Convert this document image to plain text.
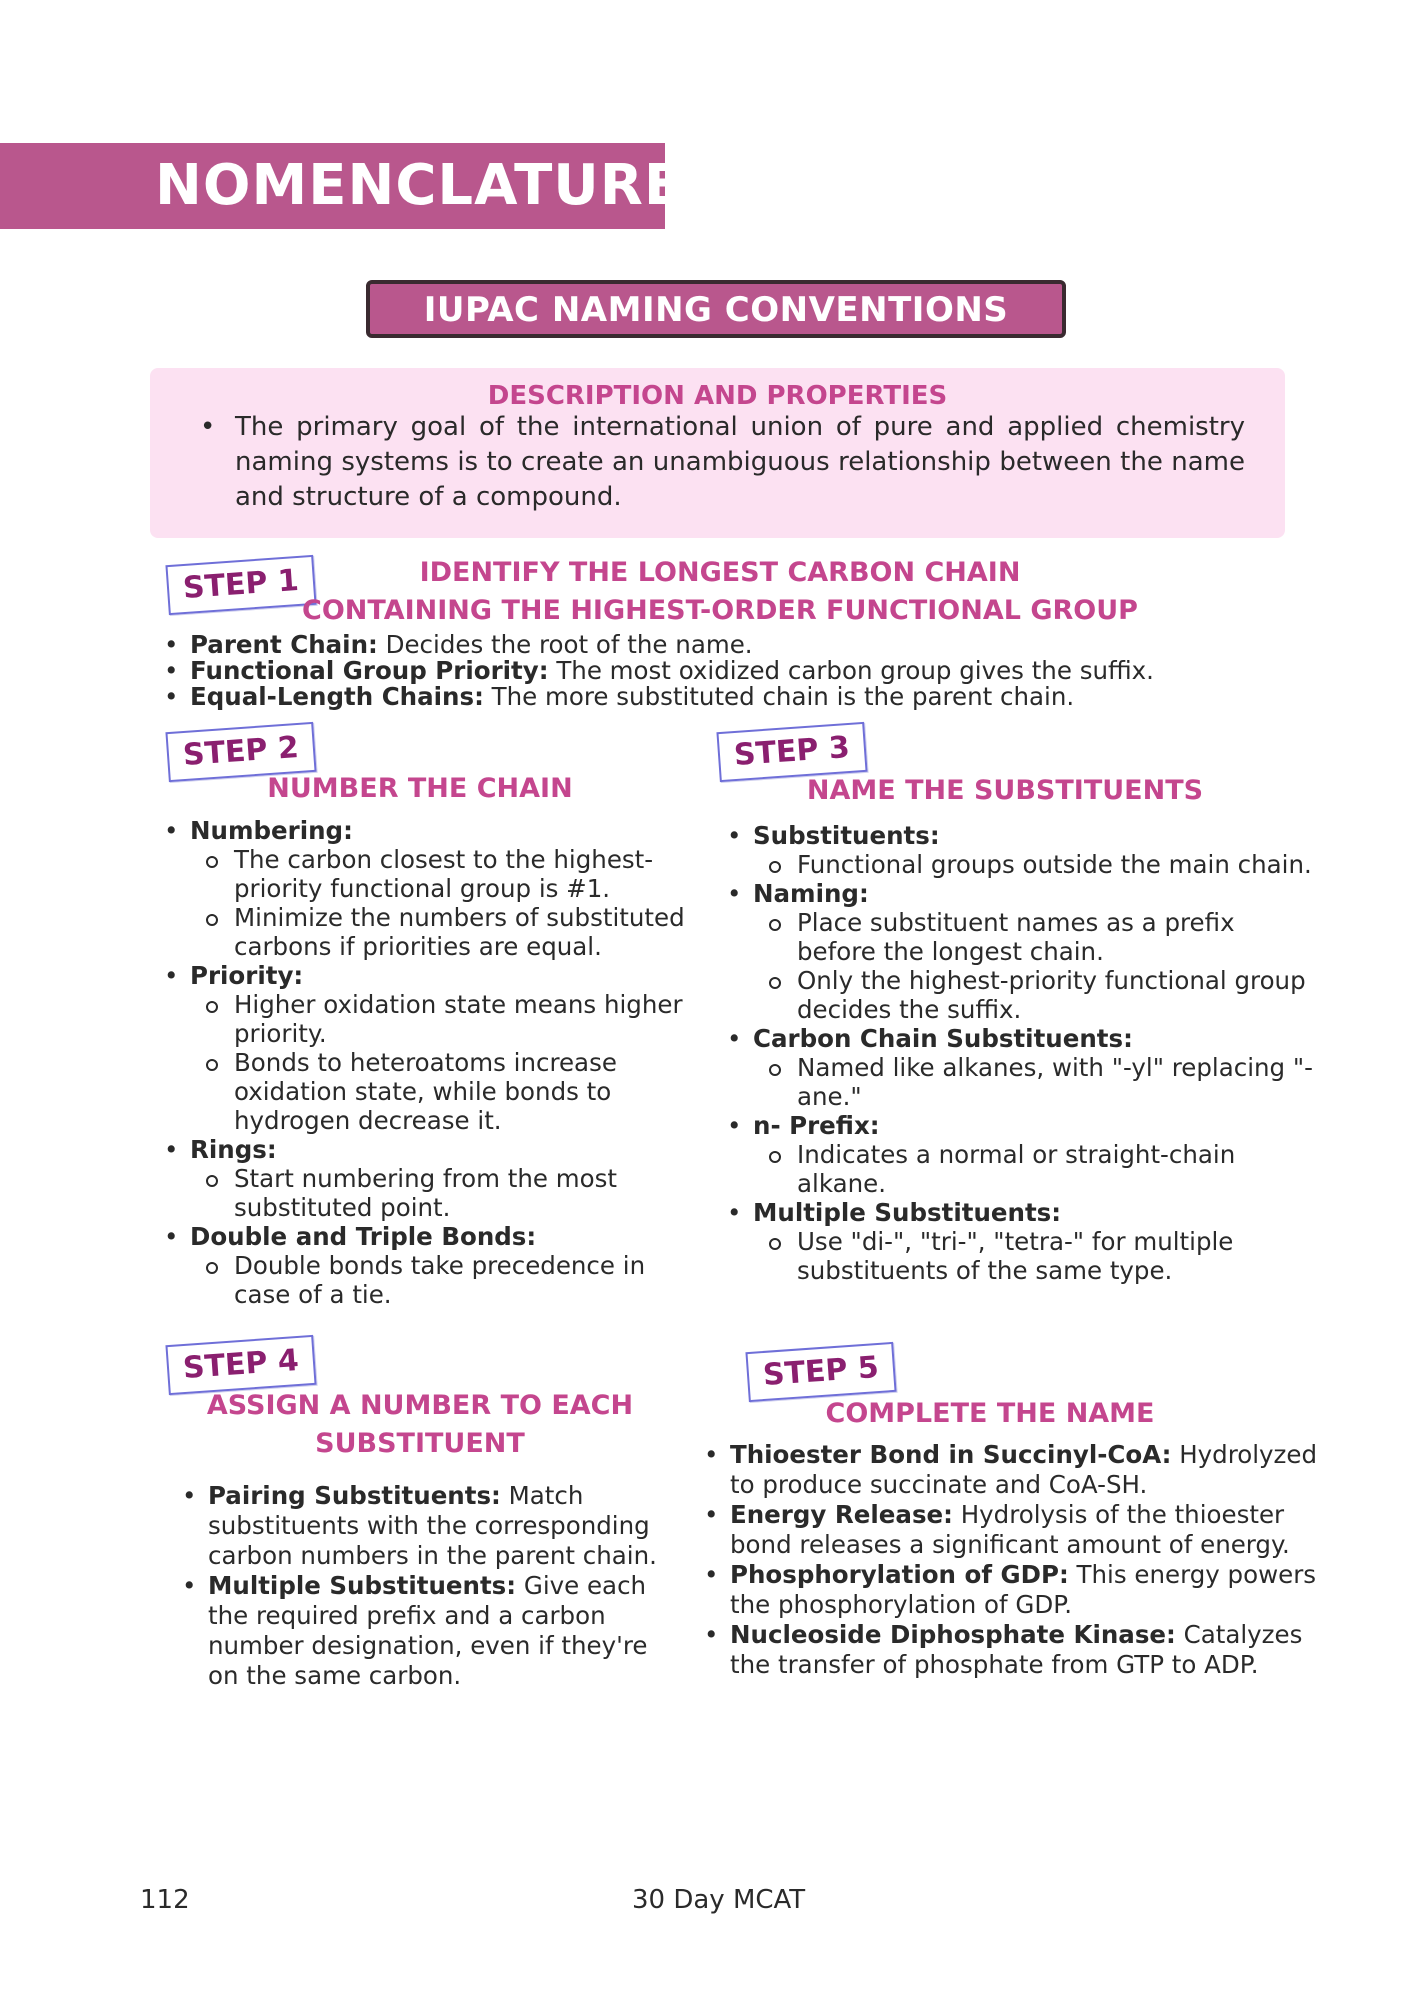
NOMENCLATURE
IUPAC NAMING CONVENTIONS
DESCRIPTION AND PROPERTIES
• The primary goal of the international union of pure and applied chemistry naming systems is to create an unambiguous relationship between the name and structure of a compound.
STEP 1	IDENTIFY THE LONGEST CARBON CHAIN
CONTAINING THE HIGHEST-ORDER FUNCTIONAL GROUP
• Parent Chain: Decides the root of the name.
• Functional Group Priority: The most oxidized carbon group gives the suffix.
• Equal-Length Chains: The more substituted chain is the parent chain.
STEP 2
NUMBER THE CHAIN
• Numbering:
The carbon closest to the highest-priority functional group is #1.
Minimize the numbers of substituted carbons if priorities are equal.
• Priority:
Higher oxidation state means higher priority.
Bonds to heteroatoms increase oxidation state, while bonds to hydrogen decrease it.
• Rings:
Start numbering from the most substituted point.
• Double and Triple Bonds:
Double bonds take precedence in case of a tie.
STEP 3
NAME THE SUBSTITUENTS
• Substituents:
Functional groups outside the main chain.
• Naming:
Place substituent names as a prefix before the longest chain.
Only the highest-priority functional group decides the suffix.
• Carbon Chain Substituents:
Named like alkanes, with "-yl" replacing "-ane."
• n- Prefix:
Indicates a normal or straight-chain alkane.
• Multiple Substituents:
Use "di-", "tri-", "tetra-" for multiple substituents of the same type.
STEP 4
ASSIGN A NUMBER TO EACH
SUBSTITUENT
• Pairing Substituents: Match substituents with the corresponding carbon numbers in the parent chain.
• Multiple Substituents: Give each the required prefix and a carbon number designation, even if they're on the same carbon.
STEP 5
COMPLETE THE NAME
• Thioester Bond in Succinyl-CoA: Hydrolyzed to produce succinate and CoA-SH.
• Energy Release: Hydrolysis of the thioester bond releases a significant amount of energy.
• Phosphorylation of GDP: This energy powers the phosphorylation of GDP.
• Nucleoside Diphosphate Kinase: Catalyzes the transfer of phosphate from GTP to ADP.
112	30 Day MCAT
